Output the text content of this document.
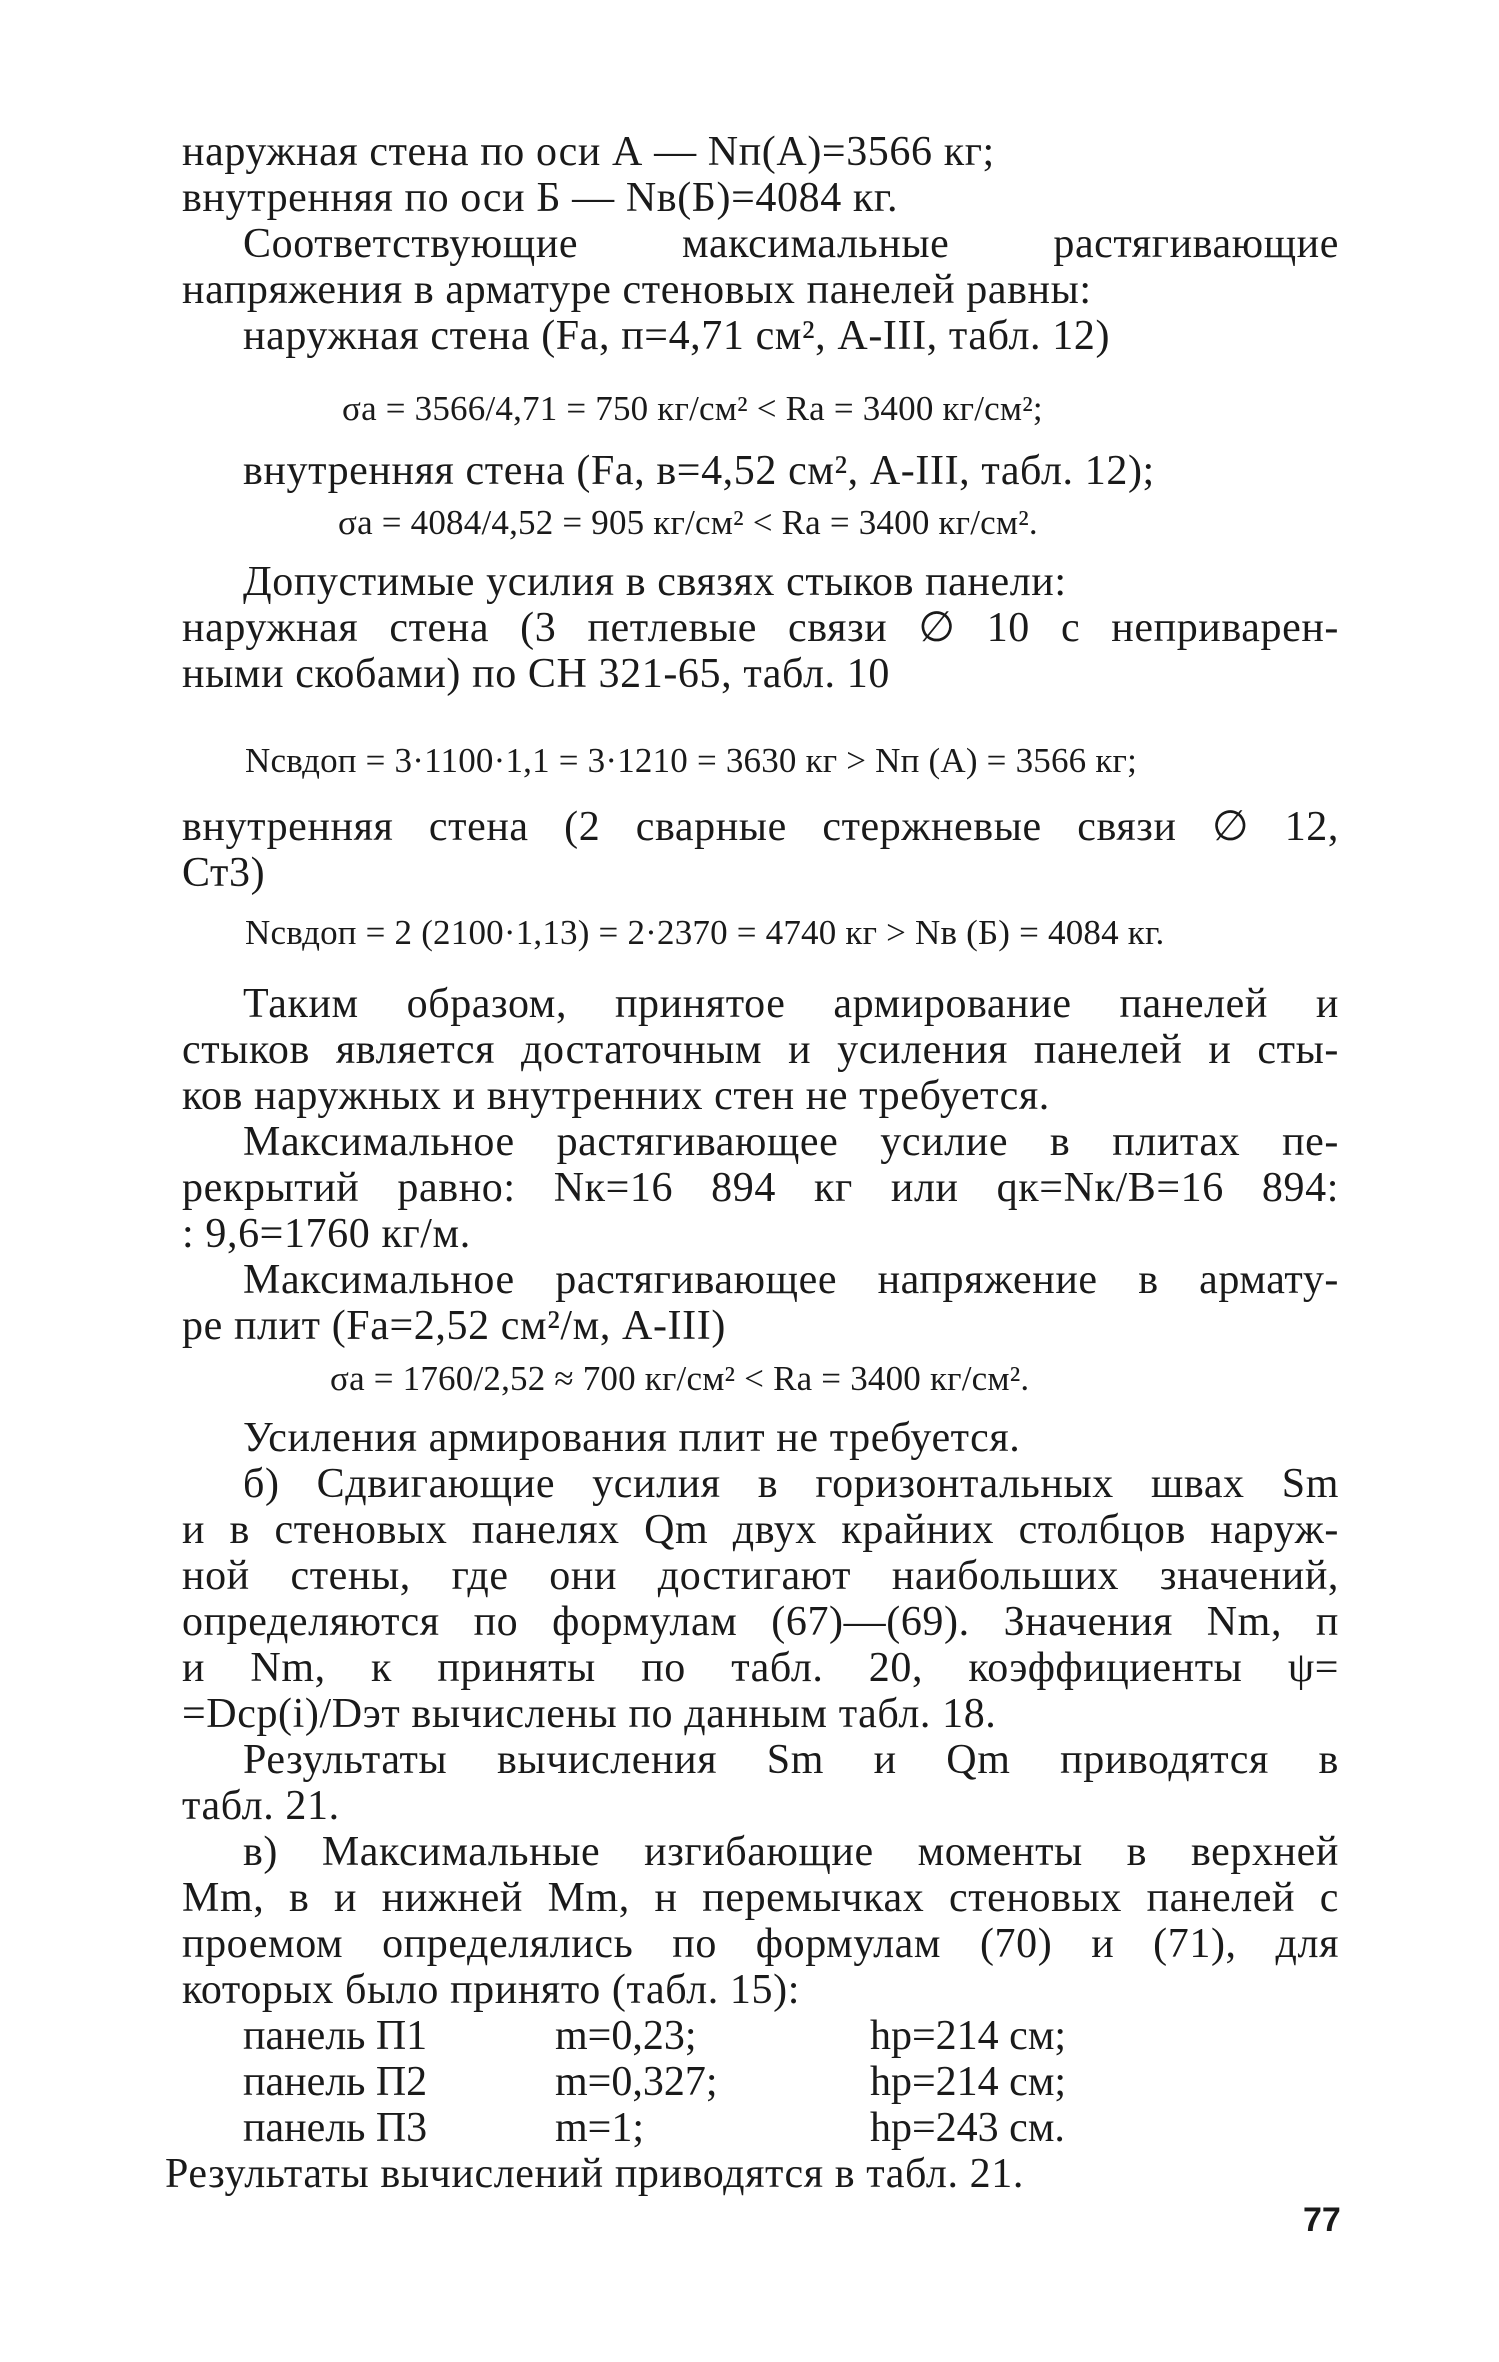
наружная стена по оси А — Nп(А)=3566 кг;
внутренняя по оси Б — Nв(Б)=4084 кг.
Соответствующие максимальные растягивающие
напряжения в арматуре стеновых панелей равны:
наружная стена (Fа, п=4,71 см², A-III, табл. 12)
σа = 3566/4,71 = 750 кг/см² < Rа = 3400 кг/см²;
внутренняя стена (Fа, в=4,52 см², A-III, табл. 12);
σа = 4084/4,52 = 905 кг/см² < Rа = 3400 кг/см².
Допустимые усилия в связях стыков панели:
наружная стена (3 петлевые связи ∅ 10 с неприварен-
ными скобами) по СН 321-65, табл. 10
Nсвдоп = 3·1100·1,1 = 3·1210 = 3630 кг > Nп (А) = 3566 кг;
внутренняя стена (2 сварные стержневые связи ∅ 12,
Ст3)
Nсвдоп = 2 (2100·1,13) = 2·2370 = 4740 кг > Nв (Б) = 4084 кг.
Таким образом, принятое армирование панелей и
стыков является достаточным и усиления панелей и сты-
ков наружных и внутренних стен не требуется.
Максимальное растягивающее усилие в плитах пе-
рекрытий равно: Nк=16 894 кг или qк=Nк/B=16 894:
: 9,6=1760 кг/м.
Максимальное растягивающее напряжение в армату-
ре плит (Fа=2,52 см²/м, A-III)
σа = 1760/2,52 ≈ 700 кг/см² < Rа = 3400 кг/см².
Усиления армирования плит не требуется.
б) Сдвигающие усилия в горизонтальных швах Sm
и в стеновых панелях Qm двух крайних столбцов наруж-
ной стены, где они достигают наибольших значений,
определяются по формулам (67)—(69). Значения Nm, п
и Nm, к приняты по табл. 20, коэффициенты ψ=
=Dср(i)/Dэт вычислены по данным табл. 18.
Результаты вычисления Sm и Qm приводятся в
табл. 21.
в) Максимальные изгибающие моменты в верхней
Mm, в и нижней Mm, н перемычках стеновых панелей с
проемом определялись по формулам (70) и (71), для
которых было принято (табл. 15):
панель П1	m=0,23;	hр=214 см;
панель П2	m=0,327;	hр=214 см;
панель П3	m=1;	hр=243 см.
Результаты вычислений приводятся в табл. 21.
77
